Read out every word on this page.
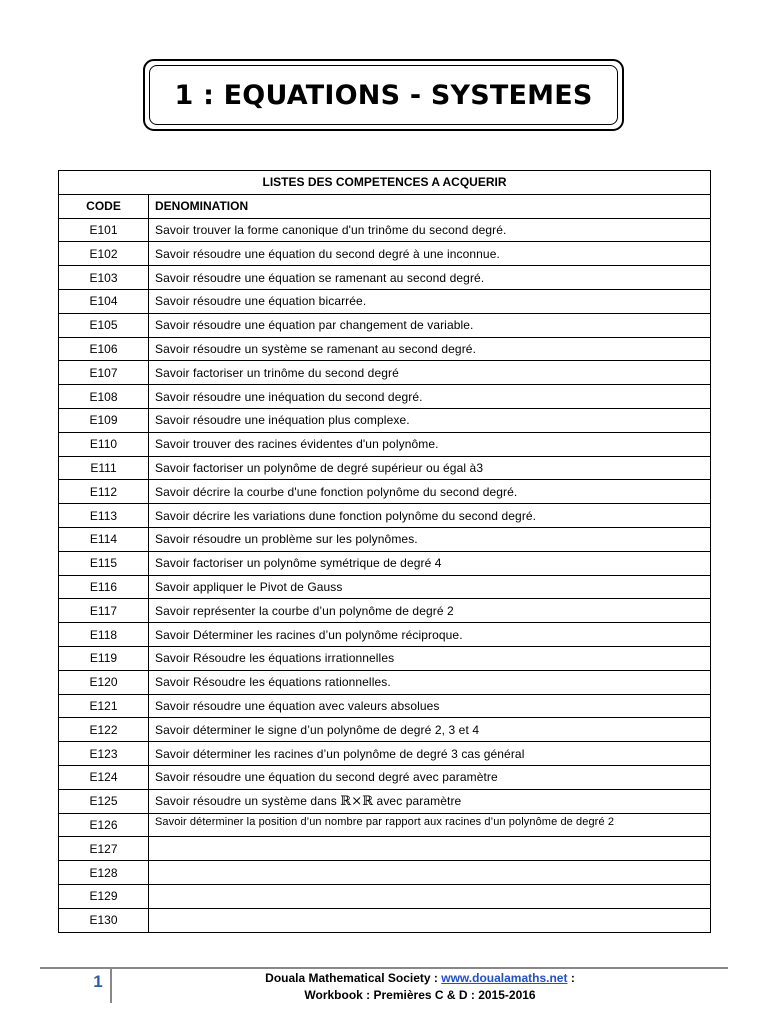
1 : EQUATIONS - SYSTEMES
LISTES DES COMPETENCES A ACQUERIR	
CODE	DENOMINATION
E101	Savoir trouver la forme canonique d'un trinôme du second degré.
E102	Savoir résoudre une équation du second degré à une inconnue.
E103	Savoir résoudre une équation se ramenant au second degré.
E104	Savoir résoudre une équation bicarrée.
E105	Savoir résoudre une équation par changement de variable.
E106	Savoir résoudre un système se ramenant au second degré.
E107	Savoir factoriser un trinôme du second degré
E108	Savoir résoudre une inéquation du second degré.
E109	Savoir résoudre une inéquation plus complexe.
E110	Savoir trouver des racines évidentes d'un polynôme.
E111	Savoir factoriser un polynôme de degré supérieur ou égal à3
E112	Savoir décrire la courbe d'une fonction polynôme du second degré.
E113	Savoir décrire les variations dune fonction polynôme du second degré.
E114	Savoir résoudre un problème sur les polynômes.
E115	Savoir factoriser un polynôme symétrique de degré 4
E116	Savoir appliquer le Pivot de Gauss
E117	Savoir représenter la courbe d’un polynôme de degré 2
E118	Savoir Déterminer les racines d’un polynôme réciproque.
E119	Savoir Résoudre les équations irrationnelles
E120	Savoir Résoudre les équations rationnelles.
E121	Savoir résoudre une équation avec valeurs absolues
E122	Savoir déterminer le signe d’un polynôme de degré 2, 3 et 4
E123	Savoir déterminer les racines d’un polynôme de degré 3 cas général
E124	Savoir résoudre une équation du second degré avec paramètre
E125	Savoir résoudre un système dans ℝ×ℝ avec paramètre
E126	Savoir déterminer la position d’un nombre par rapport aux racines d’un polynôme de degré 2
E127	
E128	
E129	
E130	
1	Douala Mathematical Society : www.doualamaths.net :
Workbook : Premières C & D : 2015-2016
